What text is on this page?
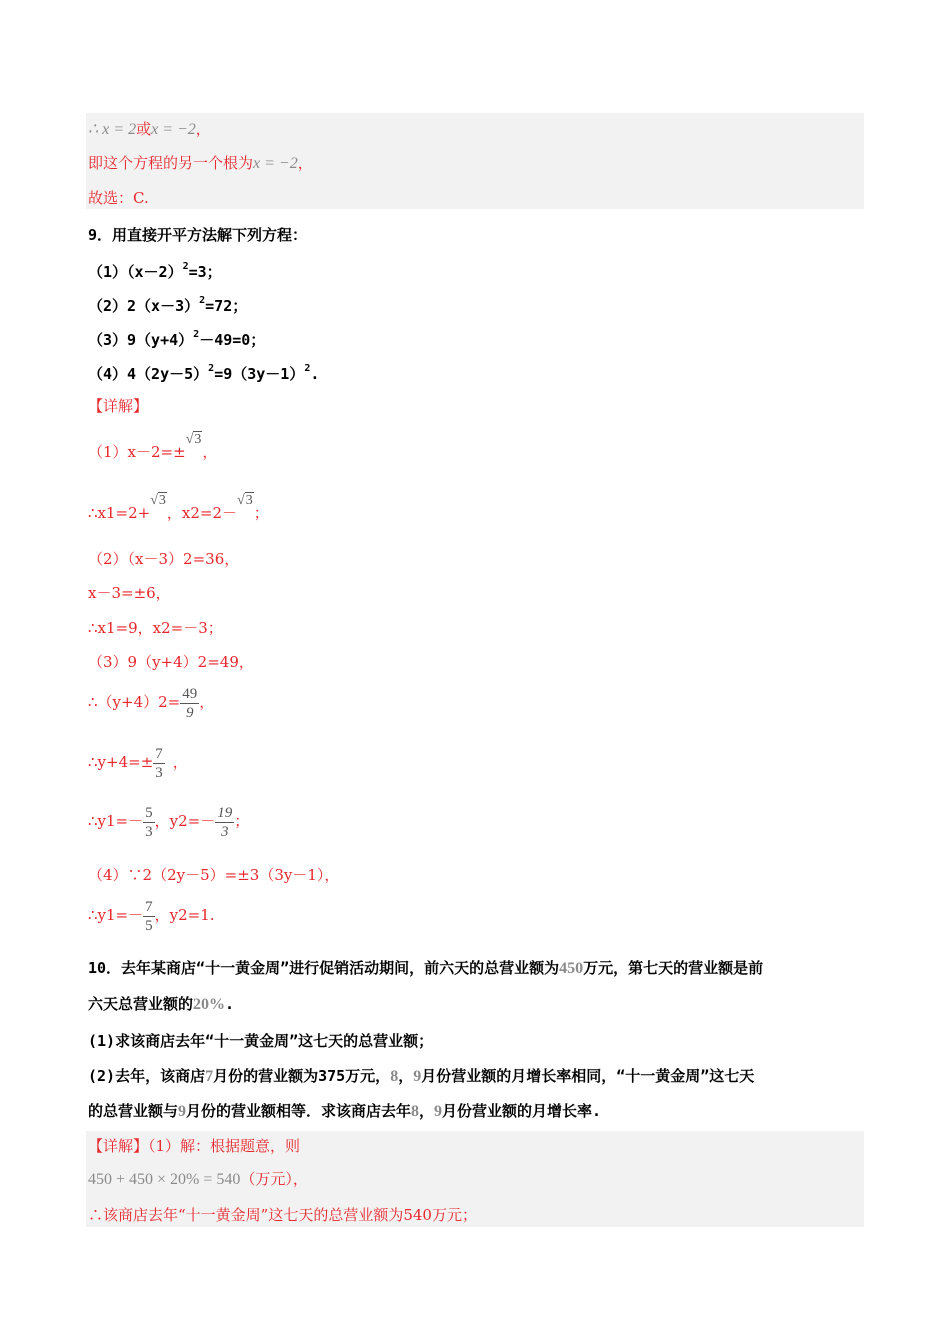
∴ x = 2或x = −2，
即这个方程的另一个根为x = −2，
故选：C.
9．用直接开平方法解下列方程：
$(1)(x-2)^2=3$；
$(2)2(x-3)^2=72$；
$(3)9(y+4)^2-49=0$；
$(4)4(2y-5)^2=9(3y-1)^2$.
【详解】
（1）x－2=±√3，
∴x1=2+√3，x2=2－√3；
（2）（x－3）2=36，
x－3=±6，
∴x1=9，x2=－3；
（3）9（y+4）2=49，
∴（y+4）2= $\frac{49}{9}$ ，
∴y+4=± $\frac{7}{3}$ ，
∴y1=－ $\frac{5}{3}$ ，$y2=- \frac{19}{3}$ ；
（4）∵2（2y－5）=±3（3y－1），
∴y1=－ $\frac{7}{5}$ ，y2=1.
10．去年某商店“十一黄金周”进行促销活动期间，前六天的总营业额为450万元，第七天的营业额是前
六天总营业额的20%.
(1)求该商店去年“十一黄金周”这七天的总营业额；
(2)去年，该商店7月份的营业额为375万元，8，9月份营业额的月增长率相同，“十一黄金周”这七天
的总营业额与9月份的营业额相等．求该商店去年8，9月份营业额的月增长率.
【详解】（1）解：根据题意，则
450 + 450 × 20% = 540（万元），
∴该商店去年“十一黄金周”这七天的总营业额为540万元；
